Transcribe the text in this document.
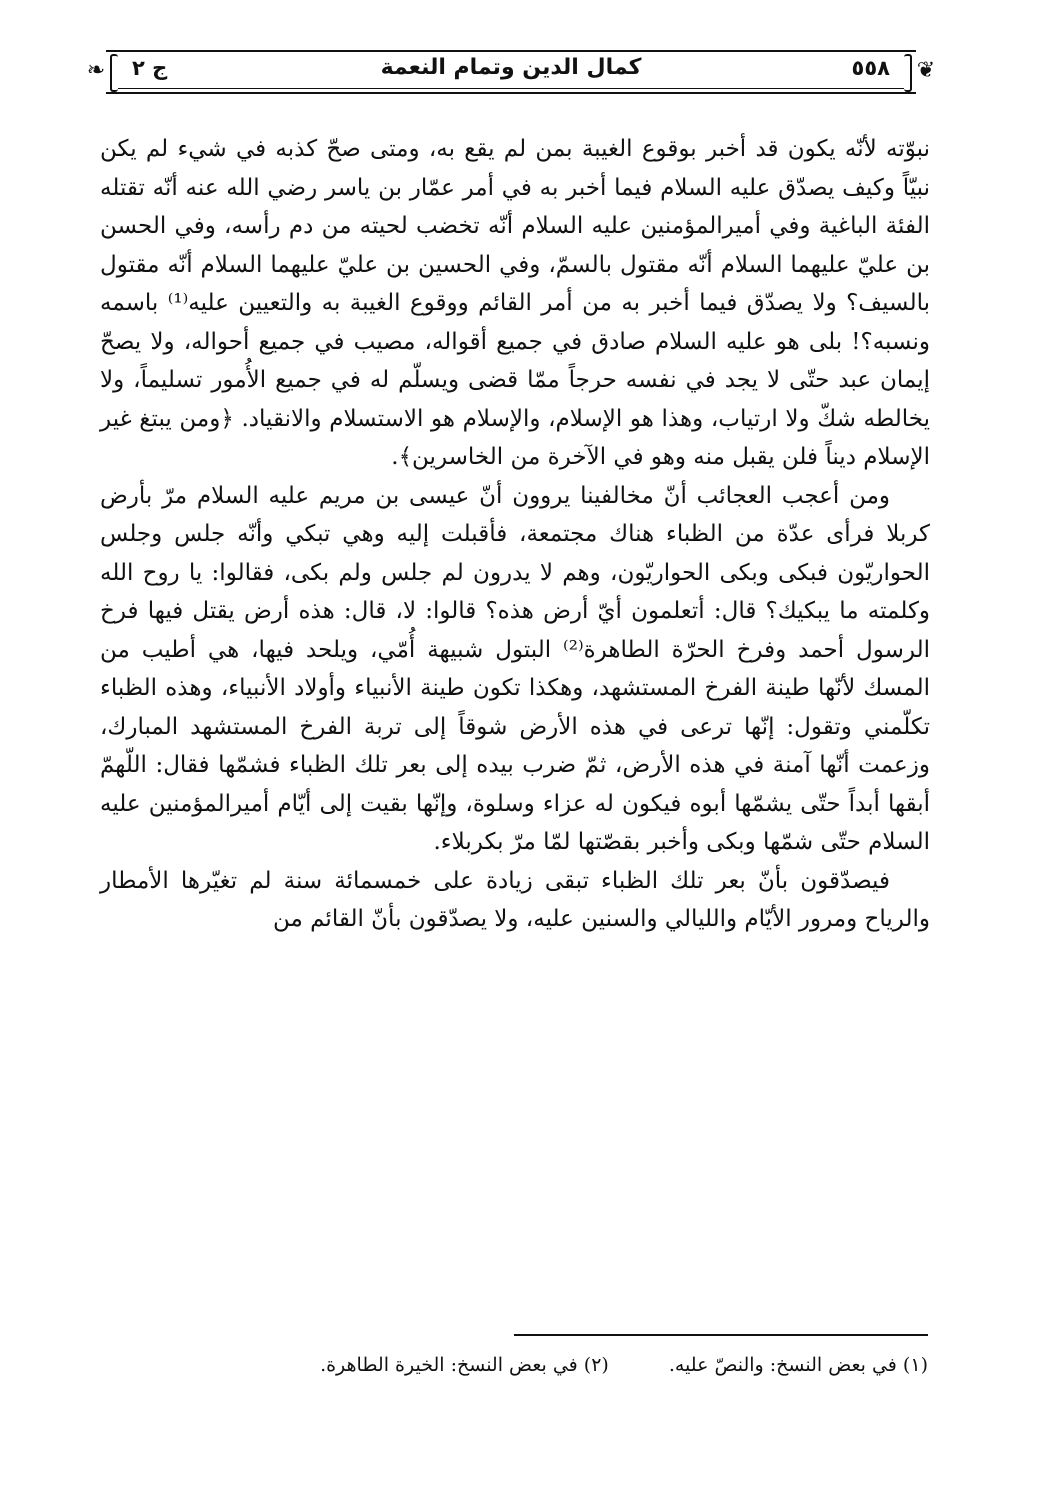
❦
❧	٥٥٨
كمال الدين وتمام النعمة
ج ٢

نبوّته لأنّه يكون قد أخبر بوقوع الغيبة بمن لم يقع به، ومتى صحّ كذبه في شيء لم يكن نبيّاً وكيف يصدّق عليه السلام فيما أخبر به في أمر عمّار بن ياسر رضي الله عنه أنّه تقتله الفئة الباغية وفي أميرالمؤمنين عليه السلام أنّه تخضب لحيته من دم رأسه، وفي الحسن بن عليّ عليهما السلام أنّه مقتول بالسمّ، وفي الحسين بن عليّ عليهما السلام أنّه مقتول بالسيف؟ ولا يصدّق فيما أخبر به من أمر القائم ووقوع الغيبة به والتعيين عليه⁽¹⁾ باسمه ونسبه؟! بلى هو عليه السلام صادق في جميع أقواله، مصيب في جميع أحواله، ولا يصحّ إيمان عبد حتّى لا يجد في نفسه حرجاً ممّا قضى ويسلّم له في جميع الأُمور تسليماً، ولا يخالطه شكّ ولا ارتياب، وهذا هو الإسلام، والإسلام هو الاستسلام والانقياد. ﴿ومن يبتغ غير الإسلام ديناً فلن يقبل منه وهو في الآخرة من الخاسرين﴾.

ومن أعجب العجائب أنّ مخالفينا يروون أنّ عيسى بن مريم عليه السلام مرّ بأرض كربلا فرأى عدّة من الظباء هناك مجتمعة، فأقبلت إليه وهي تبكي وأنّه جلس وجلس الحواريّون فبكى وبكى الحواريّون، وهم لا يدرون لم جلس ولم بكى، فقالوا: يا روح الله وكلمته ما يبكيك؟ قال: أتعلمون أيّ أرض هذه؟ قالوا: لا، قال: هذه أرض يقتل فيها فرخ الرسول أحمد وفرخ الحرّة الطاهرة⁽²⁾ البتول شبيهة أُمّي، ويلحد فيها، هي أطيب من المسك لأنّها طينة الفرخ المستشهد، وهكذا تكون طينة الأنبياء وأولاد الأنبياء، وهذه الظباء تكلّمني وتقول: إنّها ترعى في هذه الأرض شوقاً إلى تربة الفرخ المستشهد المبارك، وزعمت أنّها آمنة في هذه الأرض، ثمّ ضرب بيده إلى بعر تلك الظباء فشمّها فقال: اللّهمّ أبقها أبداً حتّى يشمّها أبوه فيكون له عزاء وسلوة، وإنّها بقيت إلى أيّام أميرالمؤمنين عليه السلام حتّى شمّها وبكى وأخبر بقصّتها لمّا مرّ بكربلاء.

فيصدّقون بأنّ بعر تلك الظباء تبقى زيادة على خمسمائة سنة لم تغيّرها الأمطار والرياح ومرور الأيّام والليالي والسنين عليه، ولا يصدّقون بأنّ القائم من

(١) في بعض النسخ: والنصّ عليه.
(٢) في بعض النسخ: الخيرة الطاهرة.
